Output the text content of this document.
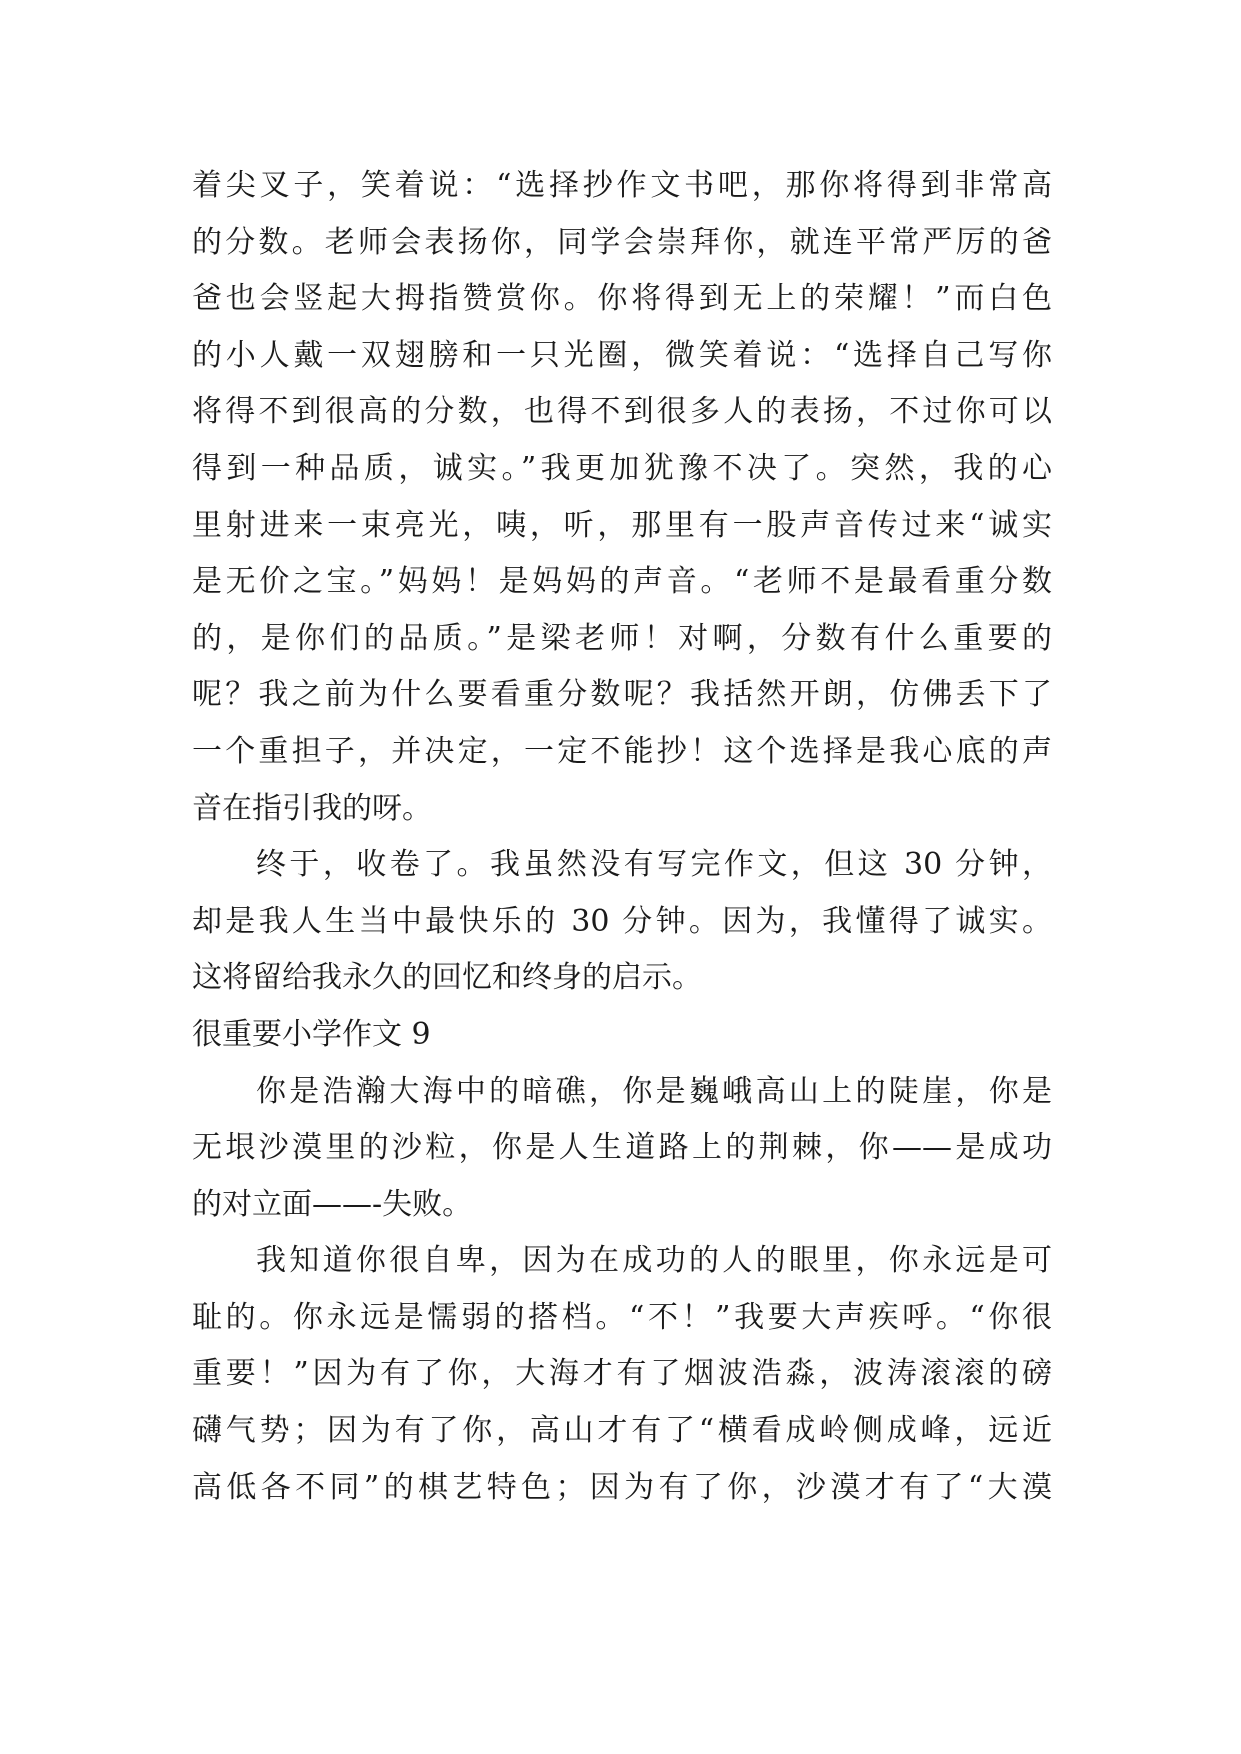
着尖叉子，笑着说：“选择抄作文书吧，那你将得到非常高
的分数。老师会表扬你，同学会崇拜你，就连平常严厉的爸
爸也会竖起大拇指赞赏你。你将得到无上的荣耀！”而白色
的小人戴一双翅膀和一只光圈，微笑着说：“选择自己写你
将得不到很高的分数，也得不到很多人的表扬，不过你可以
得到一种品质，诚实。”我更加犹豫不决了。突然，我的心
里射进来一束亮光，咦，听，那里有一股声音传过来“诚实
是无价之宝。”妈妈！是妈妈的声音。“老师不是最看重分数
的，是你们的品质。”是梁老师！对啊，分数有什么重要的
呢？我之前为什么要看重分数呢？我括然开朗，仿佛丢下了
一个重担子，并决定，一定不能抄！这个选择是我心底的声
音在指引我的呀。
终于，收卷了。我虽然没有写完作文，但这 30 分钟，
却是我人生当中最快乐的 30 分钟。因为，我懂得了诚实。
这将留给我永久的回忆和终身的启示。
很重要小学作文 9
你是浩瀚大海中的暗礁，你是巍峨高山上的陡崖，你是
无垠沙漠里的沙粒，你是人生道路上的荆棘，你——是成功
的对立面——-失败。
我知道你很自卑，因为在成功的人的眼里，你永远是可
耻的。你永远是懦弱的搭档。“不！”我要大声疾呼。“你很
重要！”因为有了你，大海才有了烟波浩淼，波涛滚滚的磅
礴气势；因为有了你，高山才有了“横看成岭侧成峰，远近
高低各不同”的棋艺特色；因为有了你，沙漠才有了“大漠
